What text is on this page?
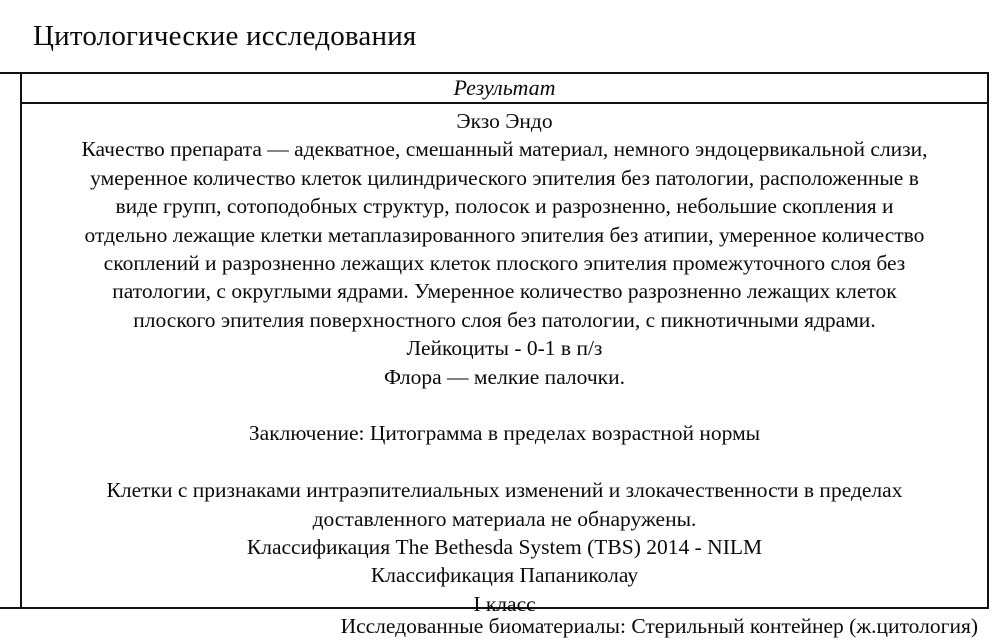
Цитологические исследования
Результат
Экзо Эндо
Качество препарата — адекватное, смешанный материал, немного эндоцервикальной слизи,
умеренное количество клеток цилиндрического эпителия без патологии, расположенные в
виде групп, сотоподобных структур, полосок и разрозненно, небольшие скопления и
отдельно лежащие клетки метаплазированного эпителия без атипии, умеренное количество
скоплений и разрозненно лежащих клеток плоского эпителия промежуточного слоя без
патологии, с округлыми ядрами. Умеренное количество разрозненно лежащих клеток
плоского эпителия поверхностного слоя без патологии, с пикнотичными ядрами.
Лейкоциты - 0-1 в п/з
Флора — мелкие палочки.
Заключение: Цитограмма в пределах возрастной нормы
Клетки с признаками интраэпителиальных изменений и злокачественности в пределах
доставленного материала не обнаружены.
Классификация The Bethesda System (TBS) 2014 - NILM
Классификация Папаниколау
I класс
Исследованные биоматериалы: Стерильный контейнер (ж.цитология)
